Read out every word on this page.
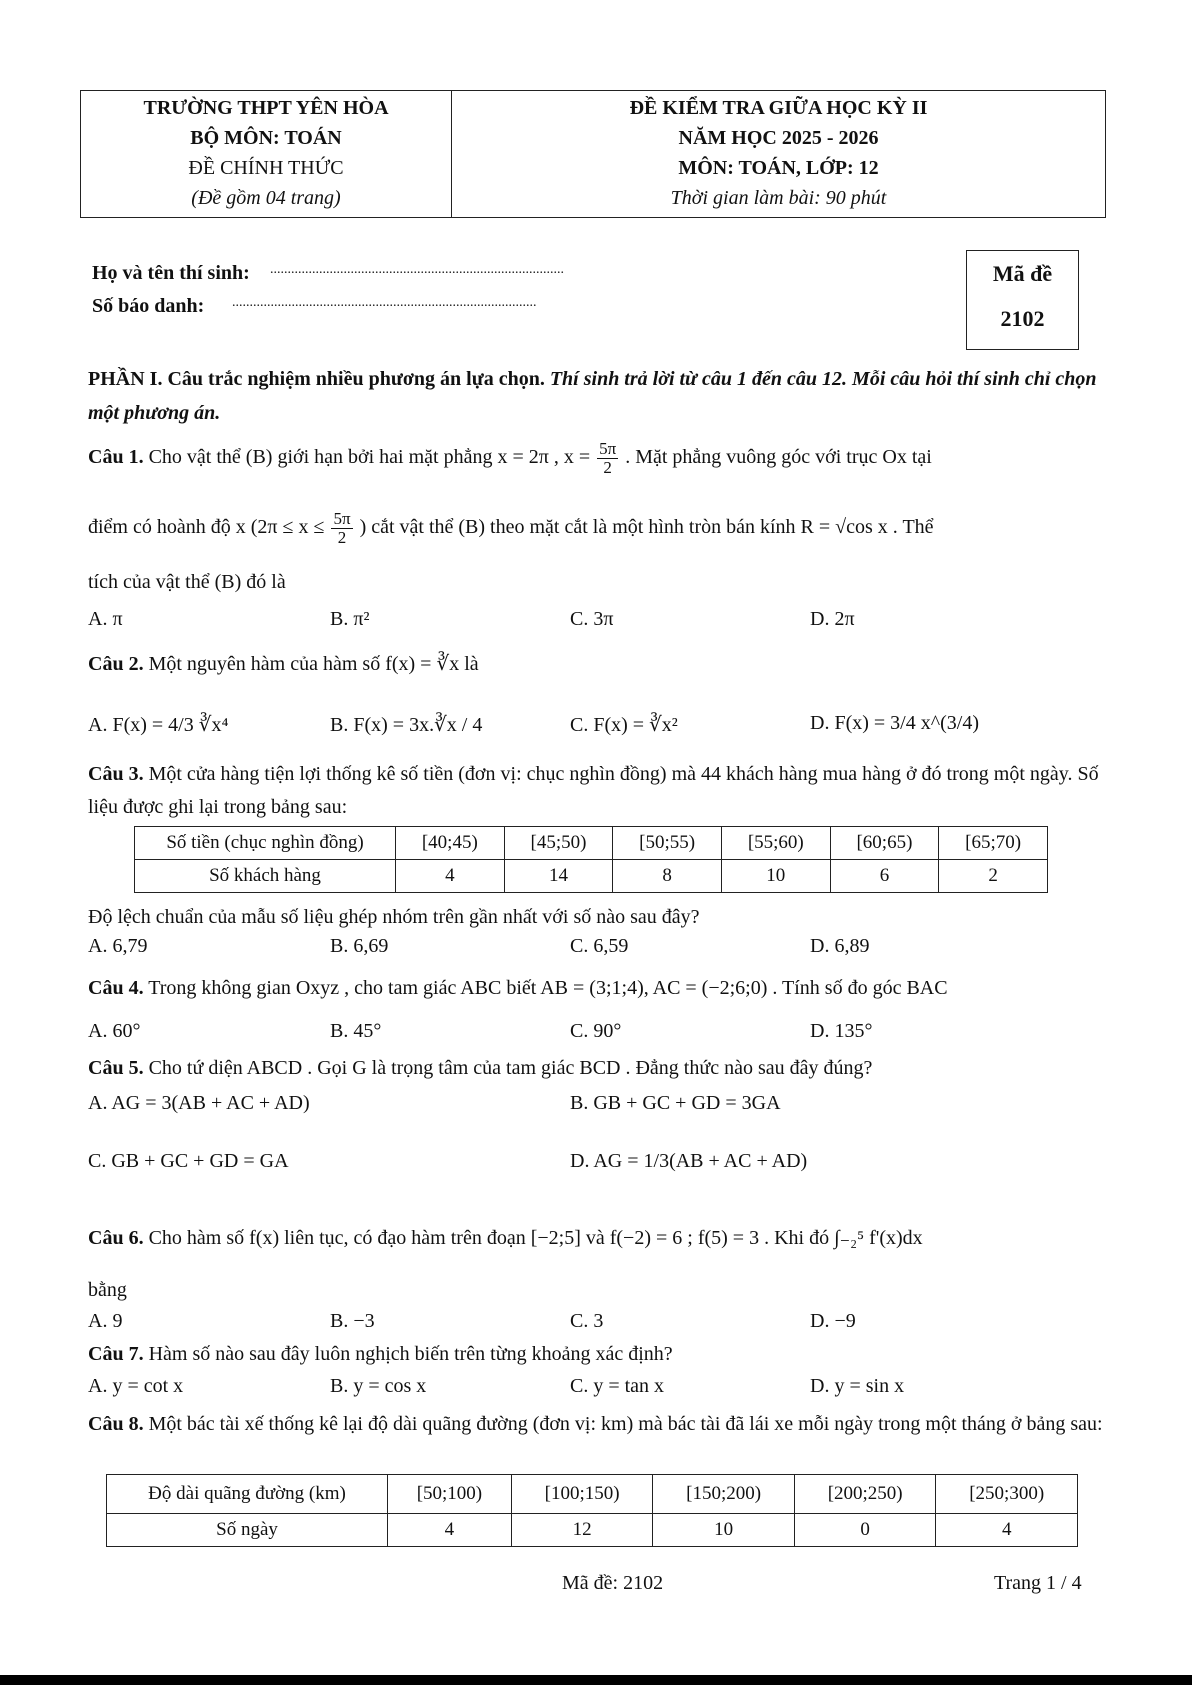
TRƯỜNG THPT YÊN HÒA
BỘ MÔN: TOÁN
ĐỀ CHÍNH THỨC
(Đề gồm 04 trang)
ĐỀ KIỂM TRA GIỮA HỌC KỲ II
NĂM HỌC 2025 - 2026
MÔN: TOÁN, LỚP: 12
Thời gian làm bài: 90 phút
Họ và tên thí sinh: ....................................................................................
Số báo danh: .......................................................................................
Mã đề
2102
PHẦN I. Câu trắc nghiệm nhiều phương án lựa chọn. Thí sinh trả lời từ câu 1 đến câu 12. Mỗi câu hỏi thí sinh chỉ chọn một phương án.
Câu 1. Cho vật thể (B) giới hạn bởi hai mặt phẳng x = 2π , $x = \frac{5\pi}{2}$ . Mặt phẳng vuông góc với trục Ox tại
điểm có hoành độ x ($2\pi \le x \le \frac{5\pi}{2}$ ) cắt vật thể (B) theo mặt cắt là một hình tròn bán kính R = √cos x . Thể
tích của vật thể (B) đó là
A. π	B. π²	C. 3π	D. 2π
Câu 2. Một nguyên hàm của hàm số f(x) = ∛x là
A. F(x) = 4/3 ∛x⁴	B. F(x) = 3x.∛x / 4	C. F(x) = ∛x²	D. F(x) = 3/4 x^(3/4)
Câu 3. Một cửa hàng tiện lợi thống kê số tiền (đơn vị: chục nghìn đồng) mà 44 khách hàng mua hàng ở đó trong một ngày. Số liệu được ghi lại trong bảng sau:
Số tiền (chục nghìn đồng)	[40;45)	[45;50)	[50;55)	[55;60)	[60;65)	[65;70)
Số khách hàng	4	14	8	10	6	2
Độ lệch chuẩn của mẫu số liệu ghép nhóm trên gần nhất với số nào sau đây?
A. 6,79	B. 6,69	C. 6,59	D. 6,89
Câu 4. Trong không gian Oxyz , cho tam giác ABC biết AB = (3;1;4), AC = (−2;6;0) . Tính số đo góc BAC
A. 60°	B. 45°	C. 90°	D. 135°
Câu 5. Cho tứ diện ABCD . Gọi G là trọng tâm của tam giác BCD . Đẳng thức nào sau đây đúng?
A. AG = 3(AB + AC + AD)	B. GB + GC + GD = 3GA
C. GB + GC + GD = GA	D. AG = 1/3(AB + AC + AD)
Câu 6. Cho hàm số f(x) liên tục, có đạo hàm trên đoạn [−2;5] và f(−2) = 6 ; f(5) = 3 . Khi đó ∫₋₂⁵ f'(x)dx
bằng
A. 9	B. −3	C. 3	D. −9
Câu 7. Hàm số nào sau đây luôn nghịch biến trên từng khoảng xác định?
A. y = cot x	B. y = cos x	C. y = tan x	D. y = sin x
Câu 8. Một bác tài xế thống kê lại độ dài quãng đường (đơn vị: km) mà bác tài đã lái xe mỗi ngày trong một tháng ở bảng sau:
Độ dài quãng đường (km)	[50;100)	[100;150)	[150;200)	[200;250)	[250;300)
Số ngày	4	12	10	0	4
Mã đề: 2102	Trang 1 / 4
